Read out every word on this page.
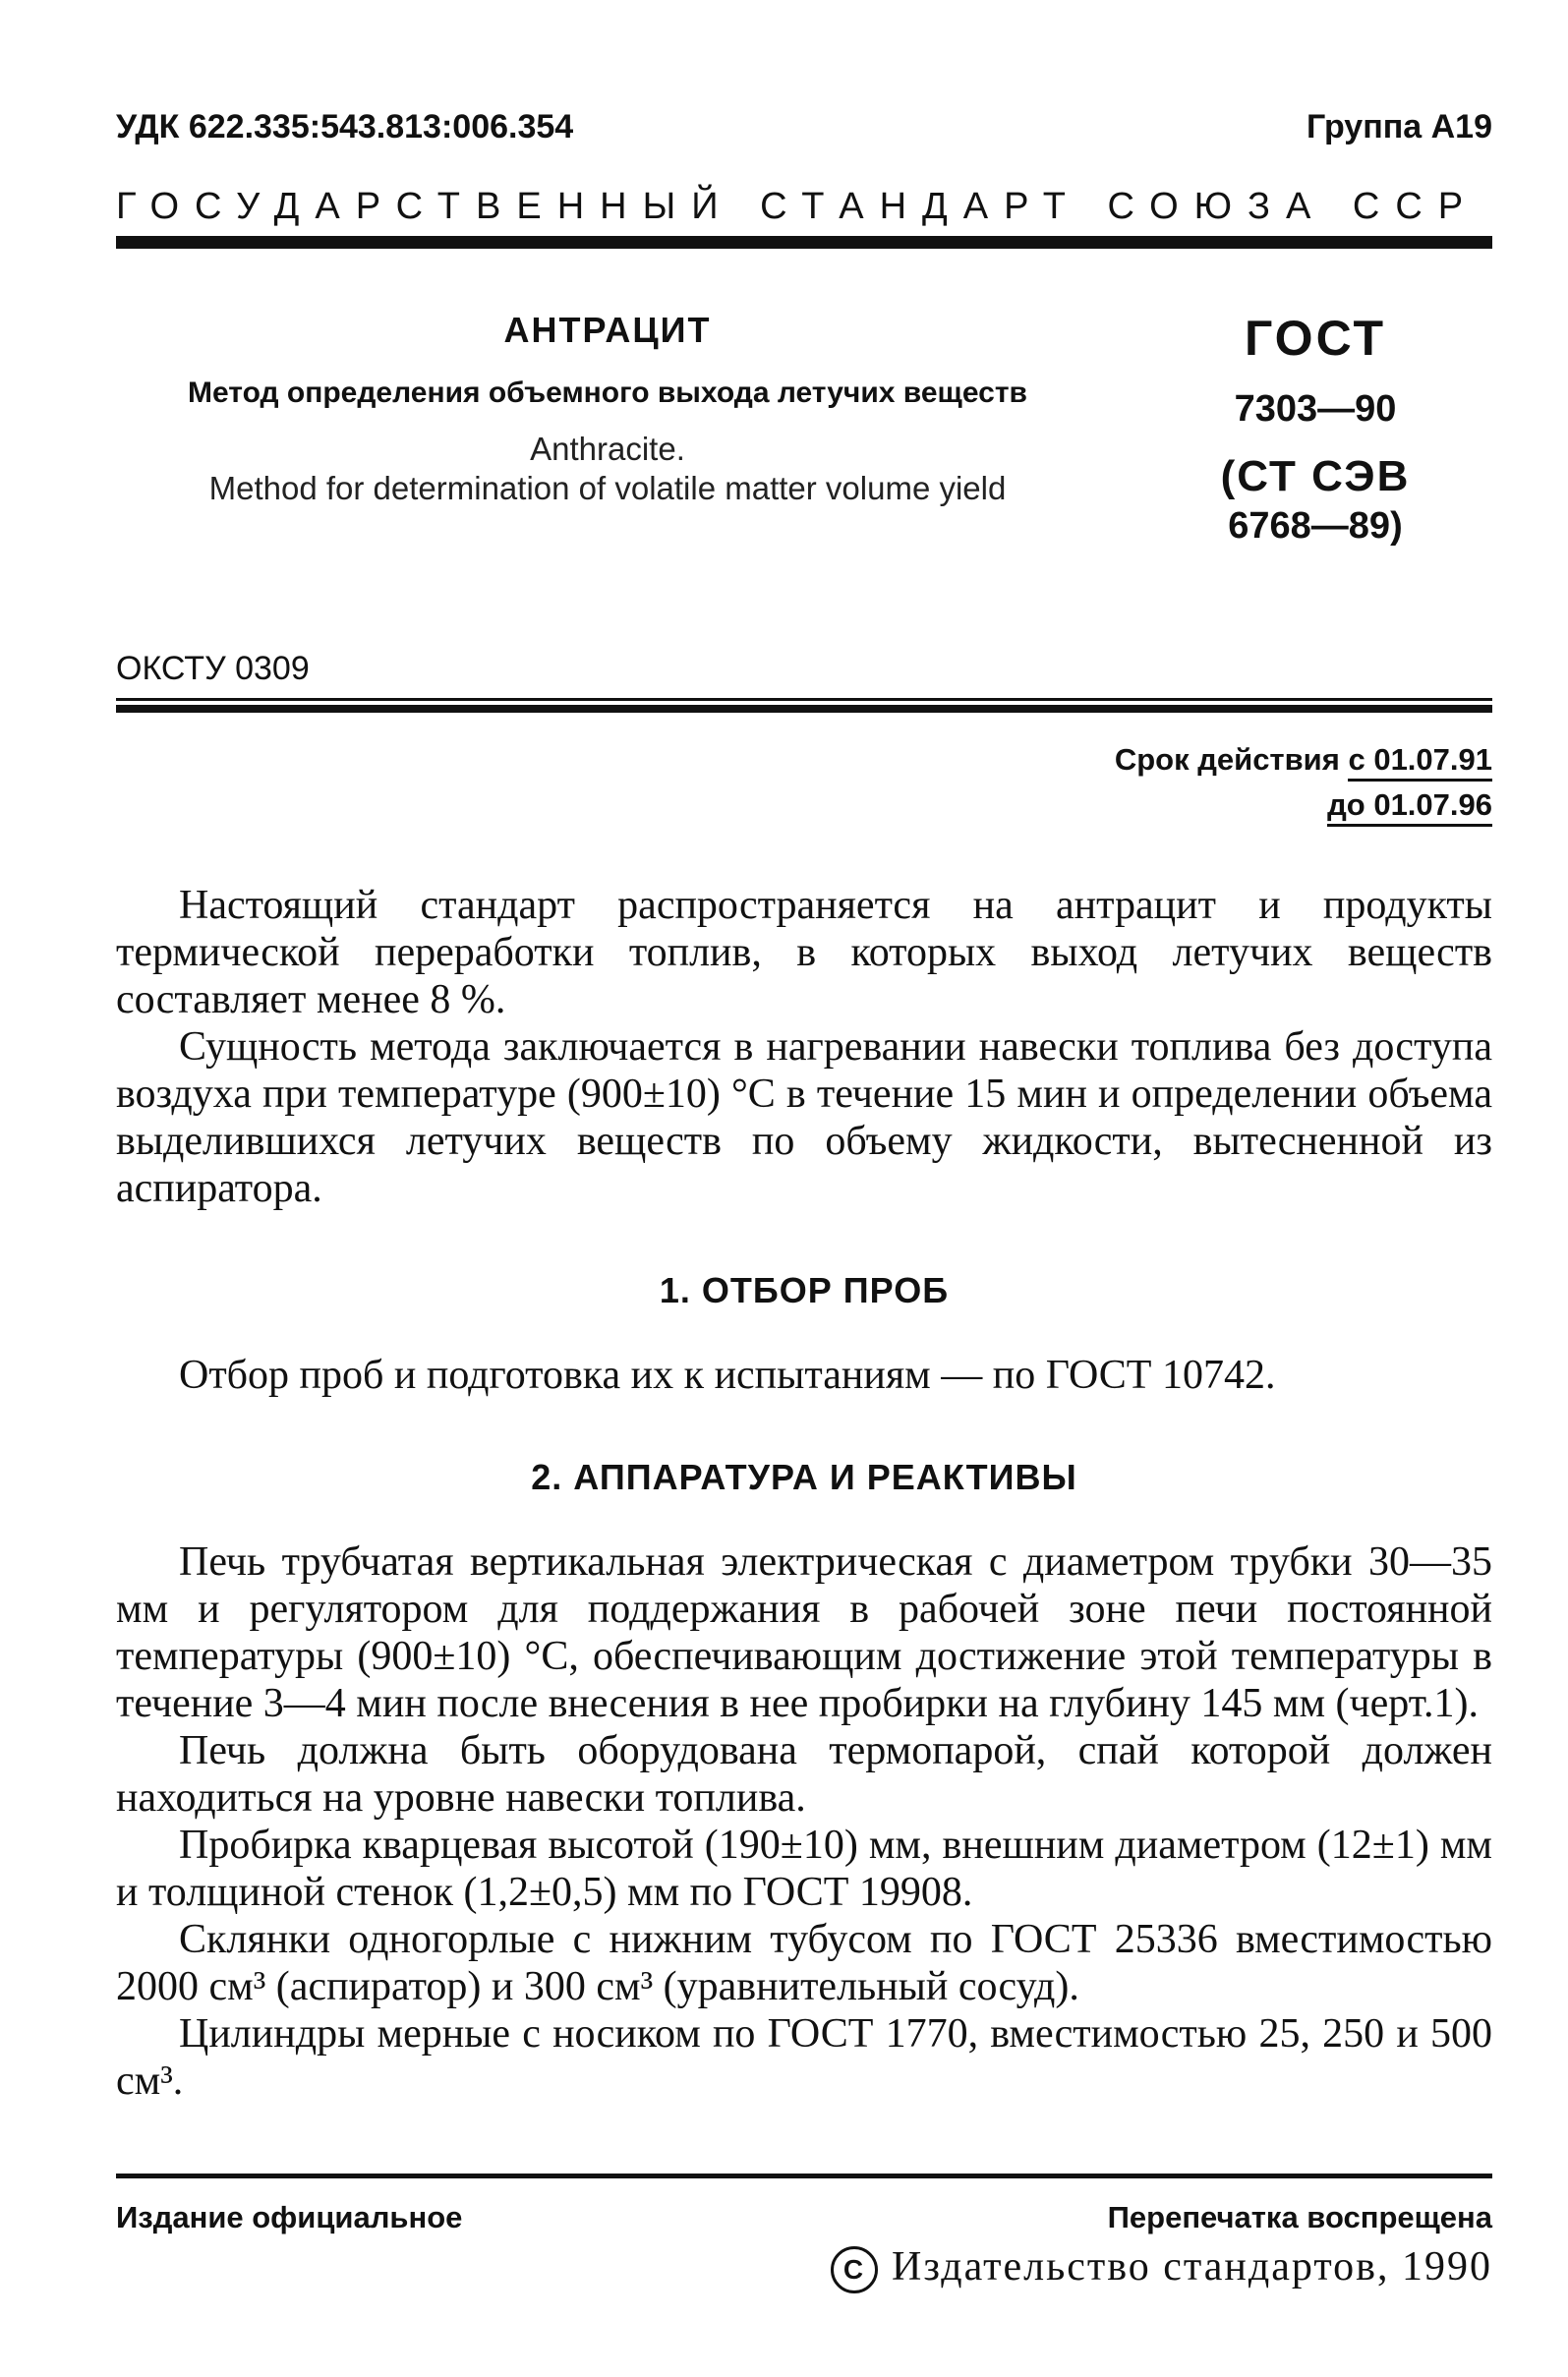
УДК 622.335:543.813:006.354	Группа А19
ГОСУДАРСТВЕННЫЙ СТАНДАРТ СОЮЗА ССР
АНТРАЦИТ
Метод определения объемного выхода летучих веществ
Anthracite.
Method for determination of volatile matter volume yield
ГОСТ
7303—90
(СТ СЭВ
6768—89)
ОКСТУ 0309
Срок действия с 01.07.91
до 01.07.96

Настоящий стандарт распространяется на антрацит и продукты термической переработки топлив, в которых выход летучих веществ составляет менее 8 %.

Сущность метода заключается в нагревании навески топлива без доступа воздуха при температуре (900±10) °С в течение 15 мин и определении объема выделившихся летучих веществ по объему жидкости, вытесненной из аспиратора.

1. ОТБОР ПРОБ

Отбор проб и подготовка их к испытаниям — по ГОСТ 10742.

2. АППАРАТУРА И РЕАКТИВЫ

Печь трубчатая вертикальная электрическая с диаметром трубки 30—35 мм и регулятором для поддержания в рабочей зоне печи постоянной температуры (900±10) °С, обеспечивающим достижение этой температуры в течение 3—4 мин после внесения в нее пробирки на глубину 145 мм (черт.1).

Печь должна быть оборудована термопарой, спай которой должен находиться на уровне навески топлива.

Пробирка кварцевая высотой (190±10) мм, внешним диаметром (12±1) мм и толщиной стенок (1,2±0,5) мм по ГОСТ 19908.

Склянки одногорлые с нижним тубусом по ГОСТ 25336 вместимостью 2000 см³ (аспиратор) и 300 см³ (уравнительный сосуд).

Цилиндры мерные с носиком по ГОСТ 1770, вместимостью 25, 250 и 500 см³.

Издание официальное	Перепечатка воспрещена
С Издательство стандартов, 1990
